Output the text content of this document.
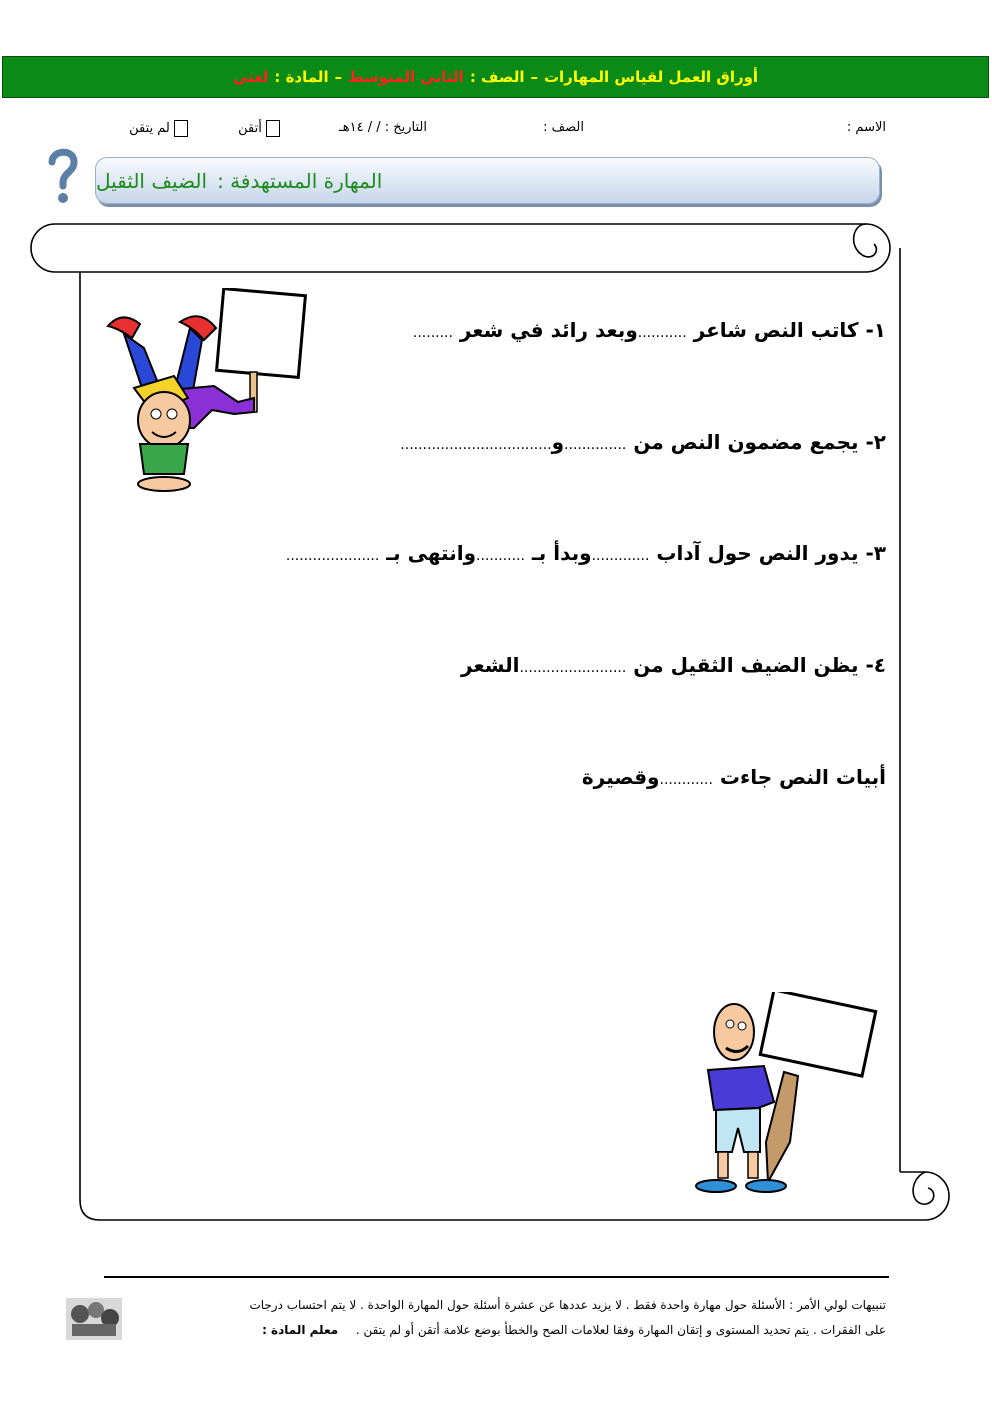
أوراق العمل لقياس المهارات
–
الصف :
الثاني المتوسط
–
المادة :
لغتي
الاسم :
الصف :
التاريخ : / / ١٤هـ
أتقن
لم يتقن
المهارة المستهدفة :
الضيف الثقيل
١- كاتب النص شاعر ...........وبعد رائد في شعر .........
٢- يجمع مضمون النص من ..............و..................................
٣- يدور النص حول آداب .............وبدأ بـ ...........وانتهى بـ .....................
٤- يظن الضيف الثقيل من ........................الشعر
أبيات النص جاءت ............وقصيرة
تنبيهات لولي الأمر : الأسئلة حول مهارة واحدة فقط . لا يزيد عددها عن عشرة أسئلة حول المهارة الواحدة . لا يتم احتساب درجات
على الفقرات . يتم تحديد المستوى و إتقان المهارة وفقا لعلامات الصح والخطأ بوضع علامة أتقن أو لم يتقن .  معلم المادة :
